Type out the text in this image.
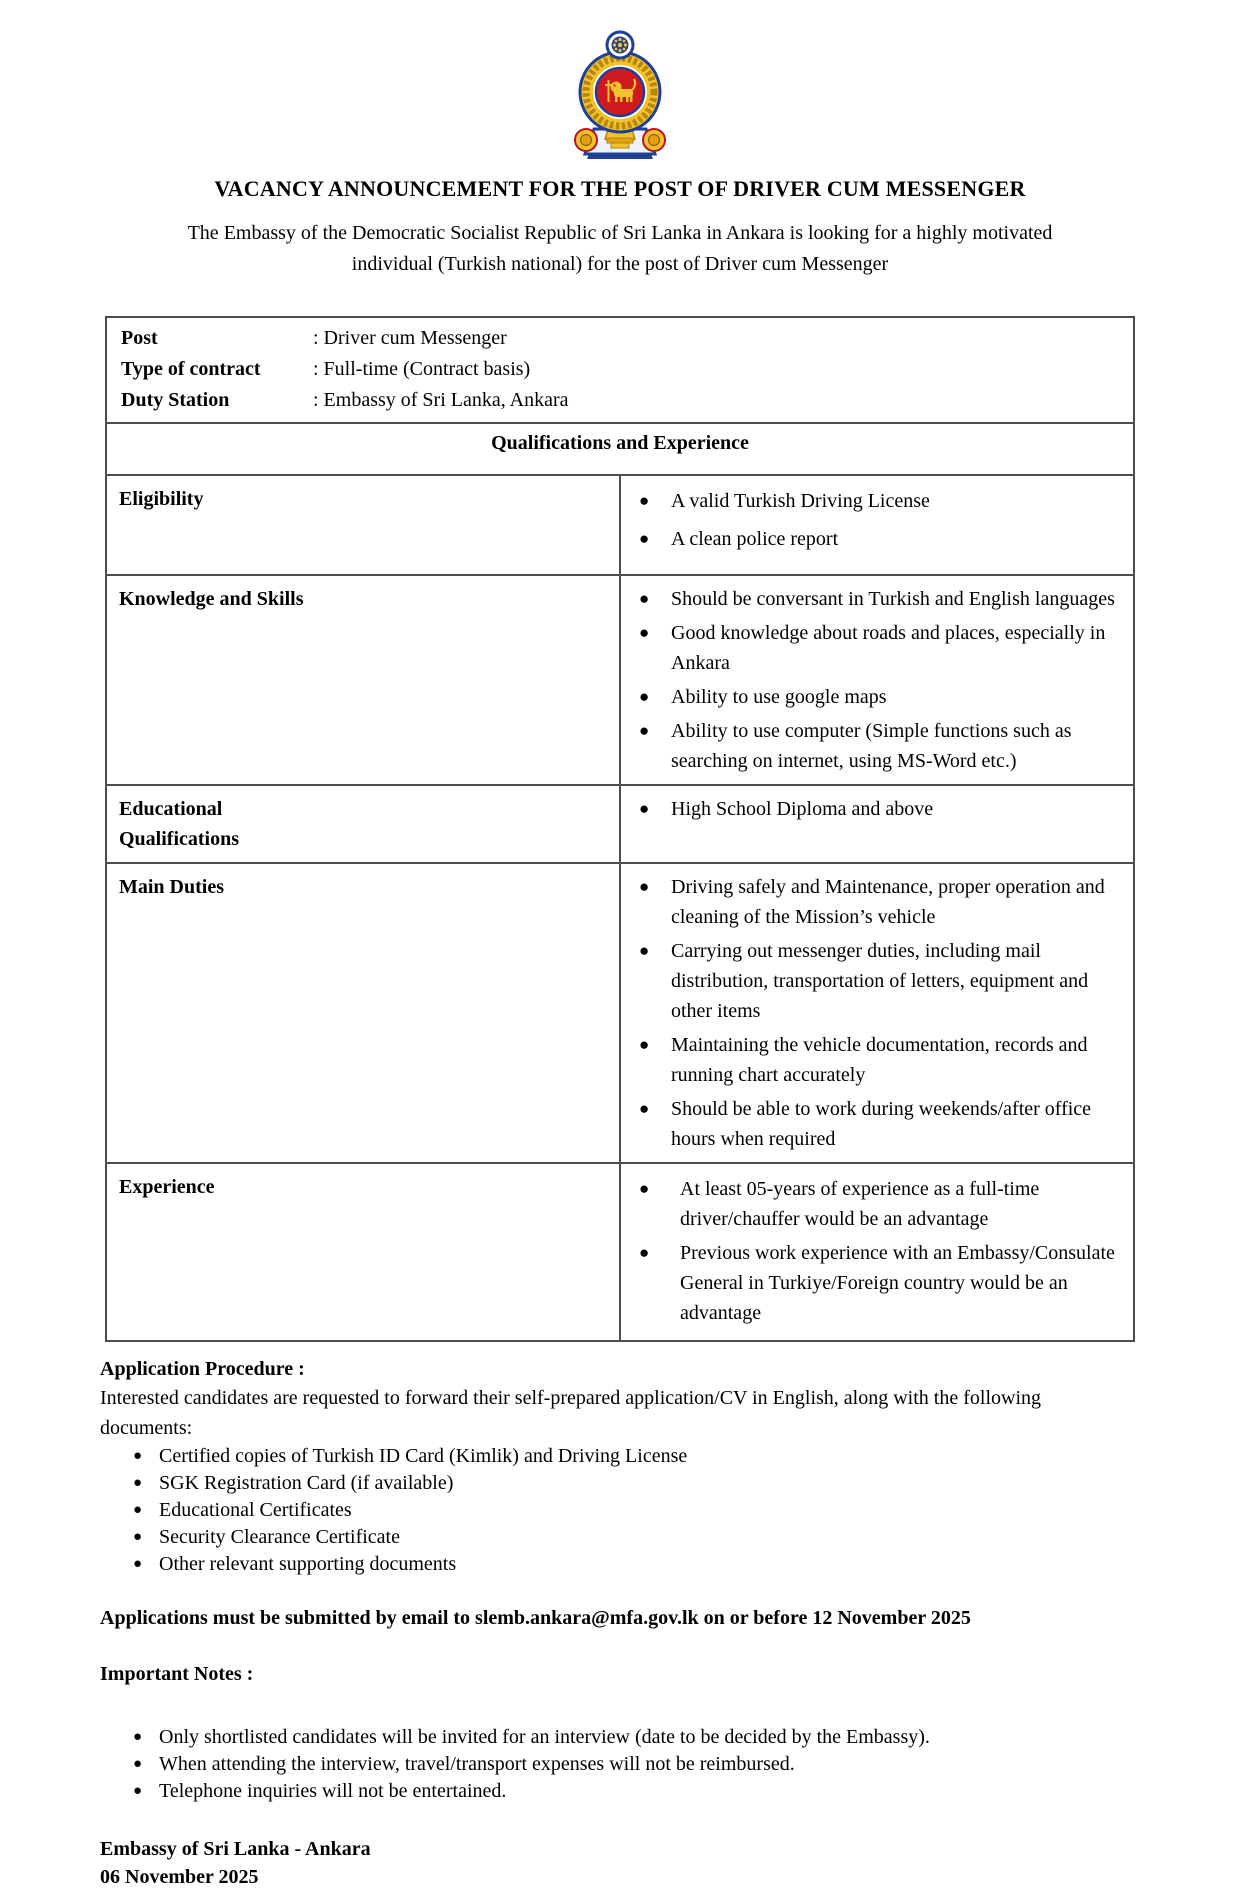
VACANCY ANNOUNCEMENT FOR THE POST OF DRIVER CUM MESSENGER

The Embassy of the Democratic Socialist Republic of Sri Lanka in Ankara is looking for a highly motivated individual (Turkish national) for the post of Driver cum Messenger

Post	: Driver cum Messenger
Type of contract	: Full-time (Contract basis)
Duty Station	: Embassy of Sri Lanka, Ankara

Qualifications and Experience	
Eligibility	● A valid Turkish Driving License
● A clean police report

Knowledge and Skills	●	Should be conversant in Turkish and English languages
●	Good knowledge about roads and places, especially in Ankara
●	Ability to use google maps
●	Ability to use computer (Simple functions such as searching on internet, using MS-Word etc.)

Educational Qualifications	● High School Diploma and above

Main Duties	●	Driving safely and Maintenance, proper operation and cleaning of the Mission’s vehicle
●	Carrying out messenger duties, including mail distribution, transportation of letters, equipment and other items
●	Maintaining the vehicle documentation, records and running chart accurately
●	Should be able to work during weekends/after office hours when required

Experience	● At least 05-years of experience as a full-time driver/chauffer would be an advantage
● Previous work experience with an Embassy/Consulate General in Turkiye/Foreign country would be an advantage

Application Procedure :

Interested candidates are requested to forward their self-prepared application/CV in English, along with the following documents:

● Certified copies of Turkish ID Card (Kimlik) and Driving License
● SGK Registration Card (if available)
● Educational Certificates
● Security Clearance Certificate
● Other relevant supporting documents

Applications must be submitted by email to slemb.ankara@mfa.gov.lk on or before 12 November 2025

Important Notes :

● Only shortlisted candidates will be invited for an interview (date to be decided by the Embassy).
● When attending the interview, travel/transport expenses will not be reimbursed.
● Telephone inquiries will not be entertained.

Embassy of Sri Lanka - Ankara

06 November 2025
